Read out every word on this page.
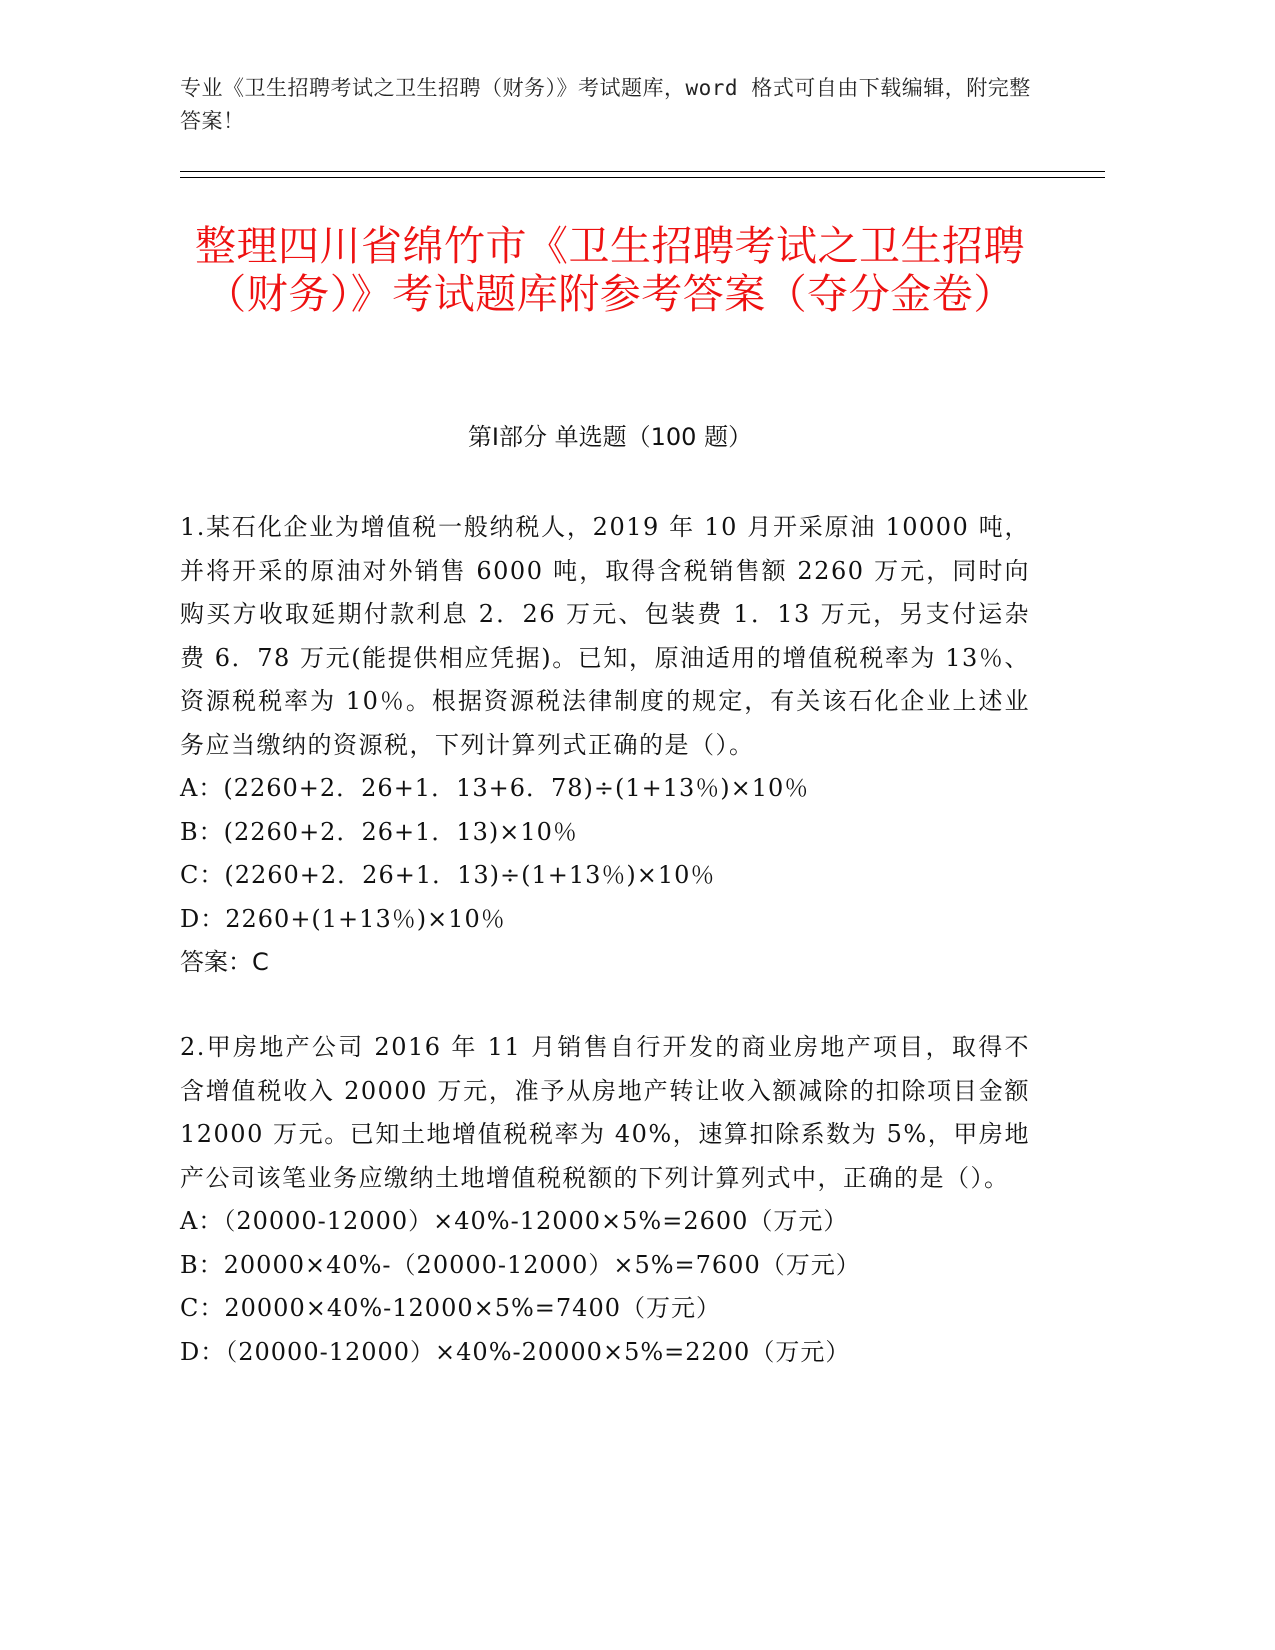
专业《卫生招聘考试之卫生招聘（财务）》考试题库，word 格式可自由下载编辑，附完整答案！
整理四川省绵竹市《卫生招聘考试之卫生招聘（财务）》考试题库附参考答案（夺分金卷）
第Ⅰ部分 单选题（100 题）

1.某石化企业为增值税一般纳税人，2019 年 10 月开采原油 10000 吨，并将开采的原油对外销售 6000 吨，取得含税销售额 2260 万元，同时向购买方收取延期付款利息 2．26 万元、包装费 1．13 万元，另支付运杂费 6．78 万元(能提供相应凭据)。已知，原油适用的增值税税率为 13％、资源税税率为 10％。根据资源税法律制度的规定，有关该石化企业上述业务应当缴纳的资源税，下列计算列式正确的是（）。

A：(2260+2．26+1．13+6．78)÷(1+13％)×10％

B：(2260+2．26+1．13)×10％

C：(2260+2．26+1．13)÷(1+13％)×10％

D：2260+(1+13％)×10％

答案：C

2.甲房地产公司 2016 年 11 月销售自行开发的商业房地产项目，取得不含增值税收入 20000 万元，准予从房地产转让收入额减除的扣除项目金额 12000 万元。已知土地增值税税率为 40%，速算扣除系数为 5%，甲房地产公司该笔业务应缴纳土地增值税税额的下列计算列式中，正确的是（）。

A：（20000-12000）×40%-12000×5%=2600（万元）

B：20000×40%-（20000-12000）×5%=7600（万元）

C：20000×40%-12000×5%=7400（万元）

D：（20000-12000）×40%-20000×5%=2200（万元）
